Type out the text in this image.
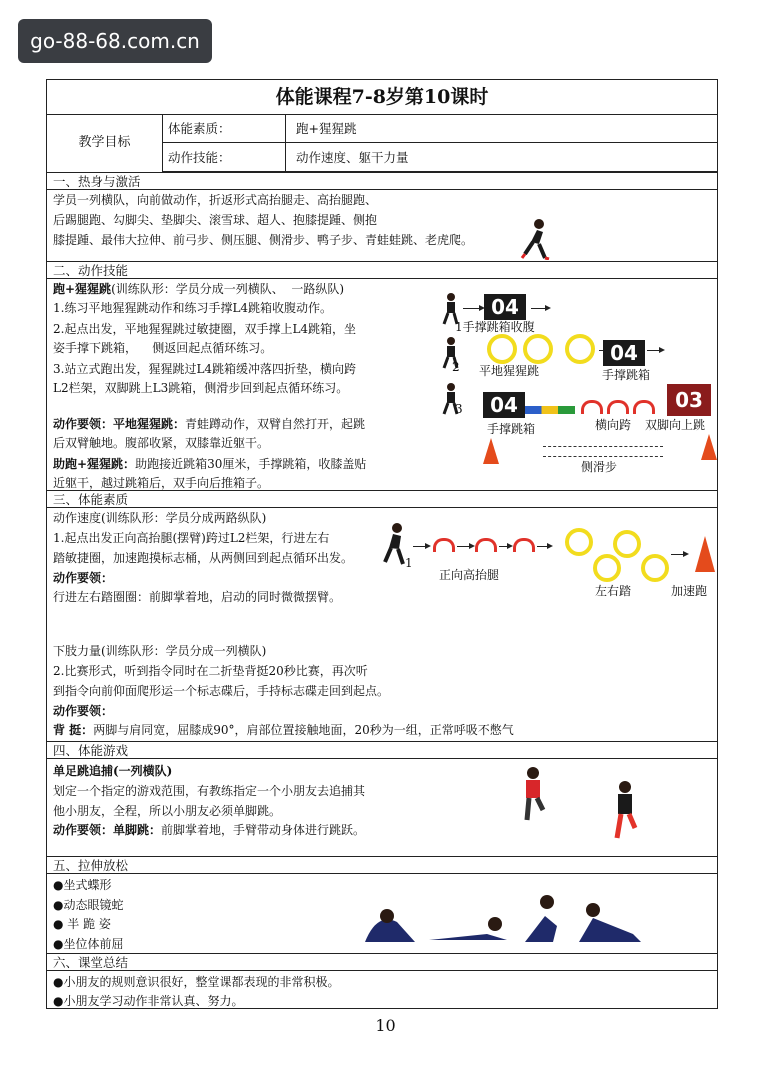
go-88-68.com.cn
体能课程7-8岁第10课时
教学目标
体能素质：	跑+猩猩跳
动作技能：	动作速度、躯干力量
一、热身与激活
学员一列横队，向前做动作，折返形式高抬腿走、高抬腿跑、
后踢腿跑、勾脚尖、垫脚尖、滚雪球、超人、抱膝提踵、侧抱
膝提踵、最伟大拉伸、前弓步、侧压腿、侧滑步、鸭子步、青蛙蛙跳、老虎爬。
二、动作技能
跑+猩猩跳(训练队形：学员分成一列横队、  一路纵队)
1.练习平地猩猩跳动作和练习手撑L4跳箱收腹动作。
2.起点出发，平地猩猩跳过敏捷圈，双手撑上L4跳箱，坐
姿手撑下跳箱，    侧返回起点循环练习。
3.站立式跑出发，猩猩跳过L4跳箱缓冲落四折垫，横向跨
L2栏架，双脚跳上L3跳箱，侧滑步回到起点循环练习。
动作要领：平地猩猩跳：青蛙蹲动作，双臂自然打开，起跳
后双臂触地。腹部收紧，双膝靠近躯干。
助跑+猩猩跳：助跑接近跳箱30厘米，手撑跳箱，收膝盖贴
近躯干，越过跳箱后，双手向后推箱子。
04
1手撑跳箱收腹
2
04
平地猩猩跳	手撑跳箱
3	04	03
手撑跳箱	横向跨 双脚向上跳
侧滑步
三、体能素质
动作速度(训练队形：学员分成两路纵队)
1.起点出发正向高抬腿(摆臂)跨过L2栏架，行进左右
踏敏捷圈，加速跑摸标志桶，从两侧回到起点循环出发。
动作要领：
行进左右踏圈圈：前脚掌着地，启动的同时微微摆臂。
1
正向高抬腿
左右踏	加速跑
下肢力量(训练队形：学员分成一列横队)
2.比赛形式，听到指令同时在二折垫背挺20秒比赛，再次听
到指令向前仰面爬形运一个标志碟后，手持标志碟走回到起点。
动作要领：
背 挺：两脚与肩同宽，屈膝成90°，肩部位置接触地面，20秒为一组，正常呼吸不憋气
四、体能游戏
单足跳追捕(一列横队)
划定一个指定的游戏范围，有教练指定一个小朋友去追捕其
他小朋友，全程，所以小朋友必须单脚跳。
动作要领：单脚跳：前脚掌着地，手臂带动身体进行跳跃。
五、拉伸放松
●坐式蝶形
●动态眼镜蛇
● 半 跪 姿
●坐位体前屈
六、课堂总结
●小朋友的规则意识很好，整堂课都表现的非常积极。
●小朋友学习动作非常认真、努力。
10
